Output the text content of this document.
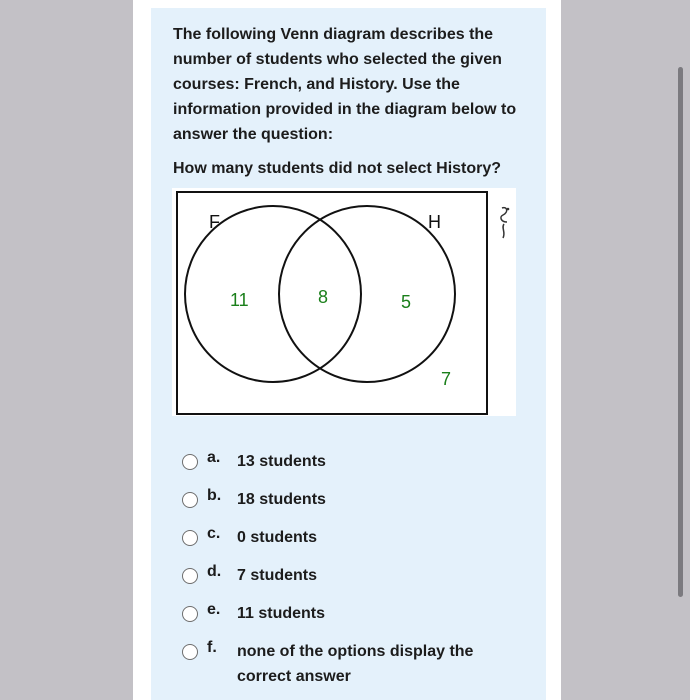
The following Venn diagram describes the number of students who selected the given courses: French, and History. Use the information provided in the diagram below to answer the question:

How many students did not select History?

F	H
11	8	5
7
a. 13 students
b. 18 students
c. 0 students
d. 7 students
e. 11 students
f. none of the options display the correct answer
